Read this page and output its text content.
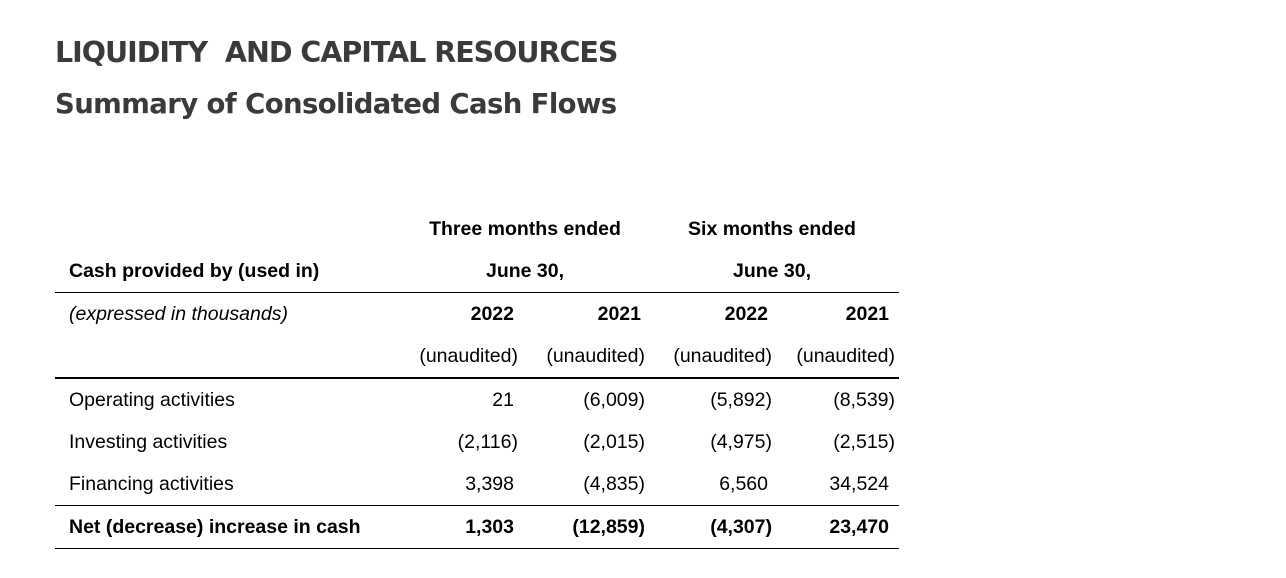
LIQUIDITY  AND CAPITAL RESOURCES
Summary of Consolidated Cash Flows
	Three months ended		Six months ended	
Cash provided by (used in)	June 30,		June 30,	
(expressed in thousands)	2022	2021	2022	2021
	(unaudited)	(unaudited)	(unaudited)	(unaudited)
Operating activities	21	(6,009)	(5,892)	(8,539)
Investing activities	(2,116)	(2,015)	(4,975)	(2,515)
Financing activities	3,398	(4,835)	6,560	34,524
Net (decrease) increase in cash	1,303	(12,859)	(4,307)	23,470
